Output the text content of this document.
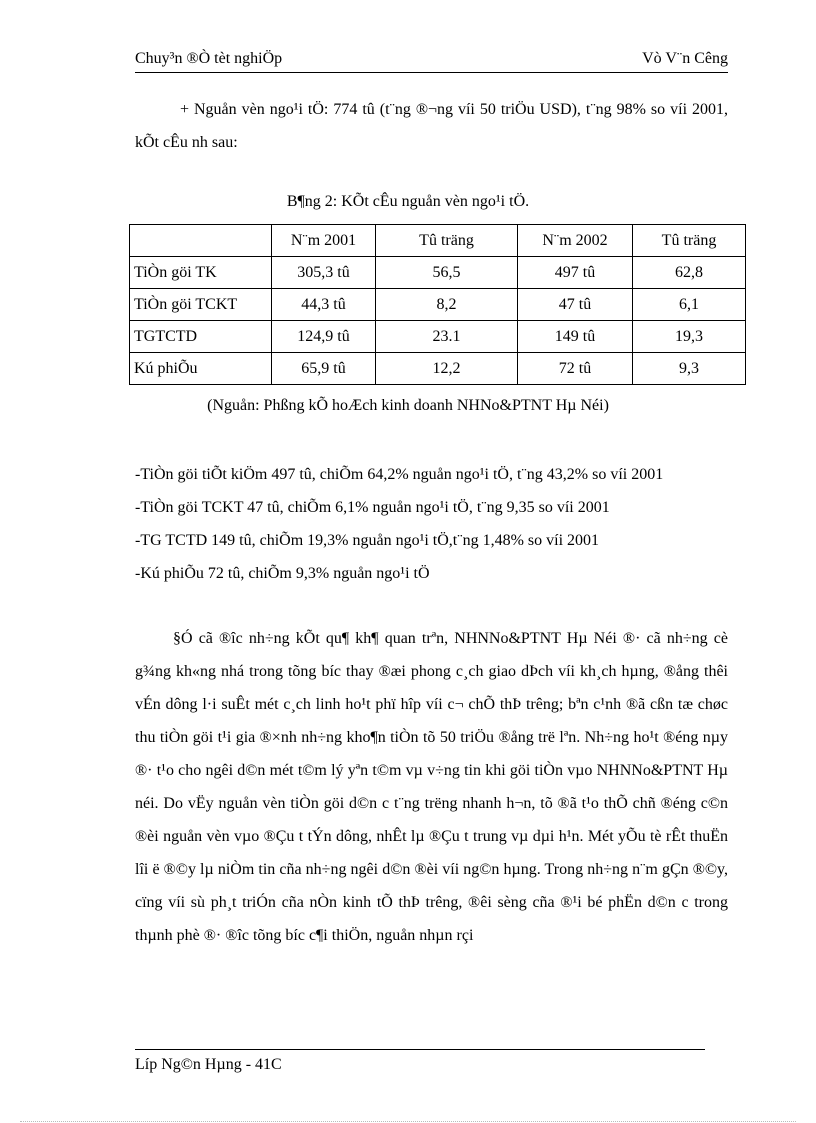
Chuy³n ®Ò tèt nghiÖp	Vò V¨n Cêng
+ Nguån vèn ngo¹i tÖ: 774 tû (t¨ng ®¬ng víi 50 triÖu USD), t¨ng 98% so víi 2001, kÕt cÊu nh sau:
B¶ng 2: KÕt cÊu nguån vèn ngo¹i tÖ.
	N¨m 2001	Tû träng	N¨m 2002	Tû träng
TiÒn göi TK	305,3 tû	56,5	497 tû	62,8
TiÒn göi TCKT	44,3 tû	8,2	47 tû	6,1
TGTCTD	124,9 tû	23.1	149 tû	19,3
Kú phiÕu	65,9 tû	12,2	72 tû	9,3
(Nguån: Phßng kÕ hoÆch kinh doanh NHNo&PTNT Hµ Néi)

-TiÒn göi tiÕt kiÖm 497 tû, chiÕm 64,2% nguån ngo¹i tÖ, t¨ng 43,2% so víi 2001

-TiÒn göi TCKT 47 tû, chiÕm 6,1% nguån ngo¹i tÖ, t¨ng 9,35 so víi 2001

-TG TCTD 149 tû, chiÕm 19,3% nguån ngo¹i tÖ,t¨ng 1,48% so víi 2001

-Kú phiÕu 72 tû, chiÕm 9,3% nguån ngo¹i tÖ

§Ó cã ®îc nh÷ng kÕt qu¶ kh¶ quan trªn, NHNNo&PTNT Hµ Néi ®· cã nh÷ng cè g¾ng kh«ng nhá trong tõng bíc thay ®æi phong c¸ch giao dÞch víi kh¸ch hµng, ®ång thêi vÉn dông l·i suÊt mét c¸ch linh ho¹t phï hîp víi c¬ chÕ thÞ trêng; bªn c¹nh ®ã cßn tæ chøc thu tiÒn göi t¹i gia ®×nh nh÷ng kho¶n tiÒn tõ 50 triÖu ®ång trë lªn. Nh÷ng ho¹t ®éng nµy ®· t¹o cho ngêi d©n mét t©m lý yªn t©m vµ v÷ng tin khi göi tiÒn vµo NHNNo&PTNT Hµ néi. Do vËy nguån vèn tiÒn göi d©n c t¨ng trëng nhanh h¬n, tõ ®ã t¹o thÕ chñ ®éng c©n ®èi nguån vèn vµo ®Çu t tÝn dông, nhÊt lµ ®Çu t trung vµ dµi h¹n. Mét yÕu tè rÊt thuËn lîi ë ®©y lµ niÒm tin cña nh÷ng ngêi d©n ®èi víi ng©n hµng. Trong nh÷ng n¨m gÇn ®©y, cïng víi sù ph¸t triÓn cña nÒn kinh tÕ thÞ trêng, ®êi sèng cña ®¹i bé phËn d©n c trong thµnh phè ®· ®îc tõng bíc c¶i thiÖn, nguån nhµn rçi

Líp Ng©n Hµng - 41C
